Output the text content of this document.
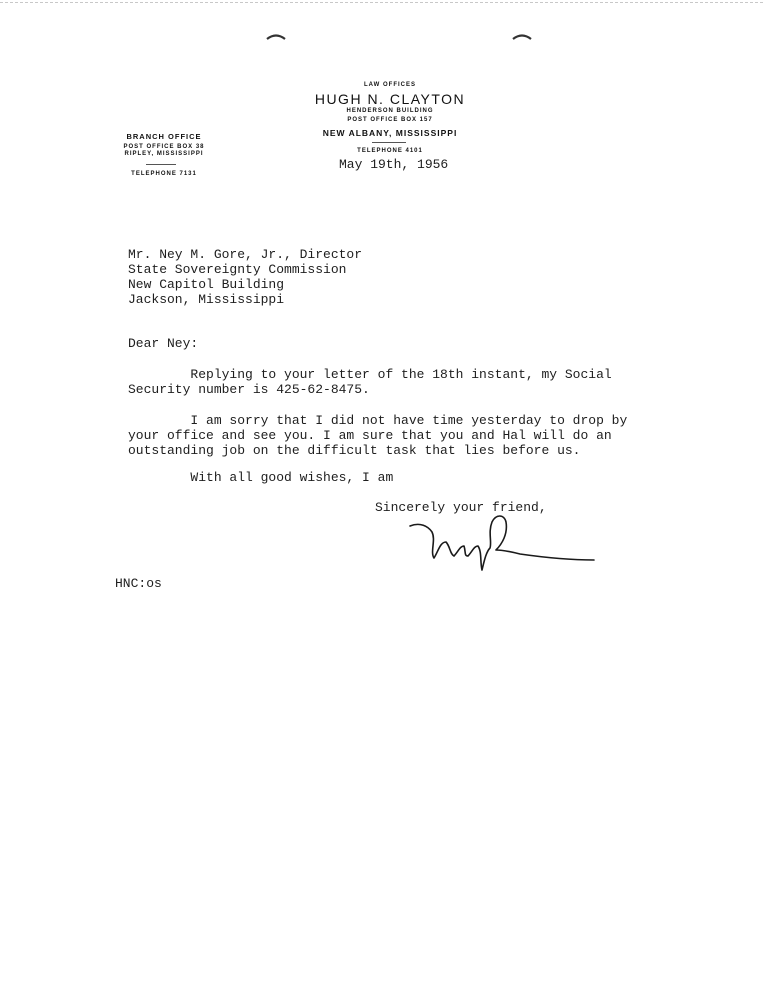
LAW OFFICES
HUGH N. CLAYTON
HENDERSON BUILDING
POST OFFICE BOX 157
NEW ALBANY, MISSISSIPPI
TELEPHONE 4101
BRANCH OFFICE
POST OFFICE BOX 38
RIPLEY, MISSISSIPPI
TELEPHONE 7131
May 19th, 1956
Mr. Ney M. Gore, Jr., Director
State Sovereignty Commission
New Capitol Building
Jackson, Mississippi
Dear Ney:
Replying to your letter of the 18th instant, my Social
Security number is 425-62-8475.
I am sorry that I did not have time yesterday to drop by
your office and see you. I am sure that you and Hal will do an
outstanding job on the difficult task that lies before us.
With all good wishes, I am
Sincerely your friend,
HNC:os
